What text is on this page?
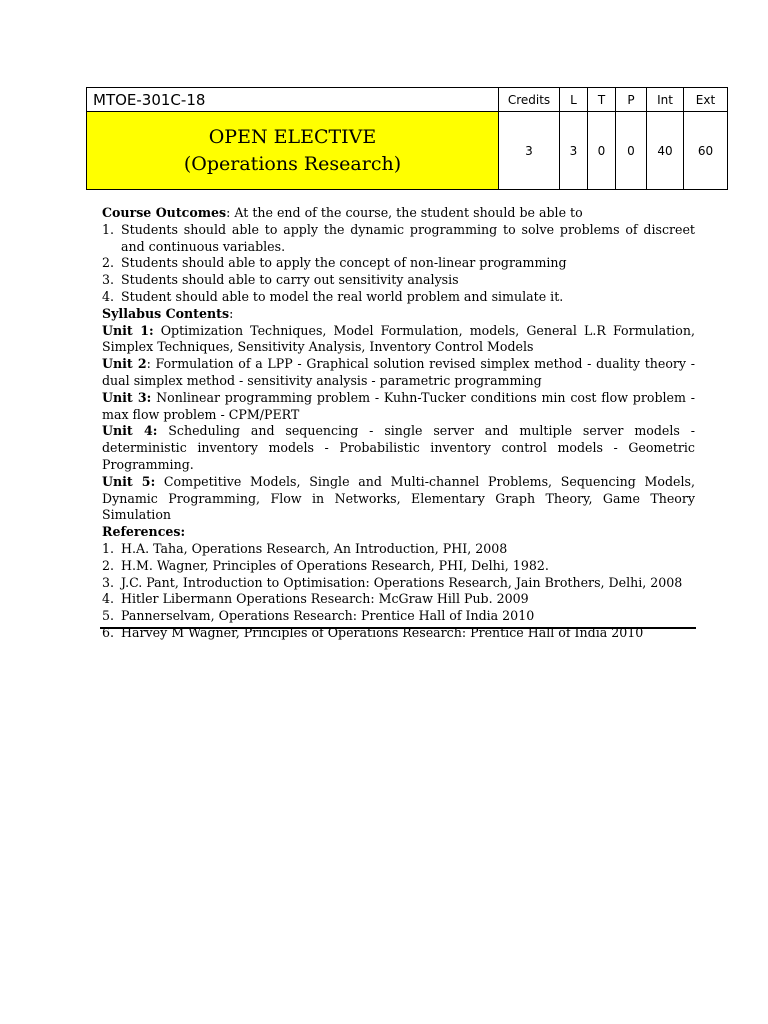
MTOE-301C-18	Credits	L	T	P	Int	Ext

OPEN ELECTIVE
(Operations Research)	3	3	0	0	40	60

Course Outcomes: At the end of the course, the student should be able to

1. Students should able to apply the dynamic programming to solve problems of discreet and continuous variables.
2. Students should able to apply the concept of non-linear programming
3. Students should able to carry out sensitivity analysis
4. Student should able to model the real world problem and simulate it.

Syllabus Contents:

Unit 1: Optimization Techniques, Model Formulation, models, General L.R Formulation, Simplex Techniques, Sensitivity Analysis, Inventory Control Models

Unit 2: Formulation of a LPP - Graphical solution revised simplex method - duality theory - dual simplex method - sensitivity analysis - parametric programming

Unit 3: Nonlinear programming problem - Kuhn-Tucker conditions min cost flow problem - max flow problem - CPM/PERT

Unit 4: Scheduling and sequencing - single server and multiple server models - deterministic inventory models - Probabilistic inventory control models - Geometric Programming.

Unit 5: Competitive Models, Single and Multi-channel Problems, Sequencing Models, Dynamic Programming, Flow in Networks, Elementary Graph Theory, Game Theory Simulation

References:

1. H.A. Taha, Operations Research, An Introduction, PHI, 2008
2. H.M. Wagner, Principles of Operations Research, PHI, Delhi, 1982.
3. J.C. Pant, Introduction to Optimisation: Operations Research, Jain Brothers, Delhi, 2008
4. Hitler Libermann Operations Research: McGraw Hill Pub. 2009
5. Pannerselvam, Operations Research: Prentice Hall of India 2010
6. Harvey M Wagner, Principles of Operations Research: Prentice Hall of India 2010
